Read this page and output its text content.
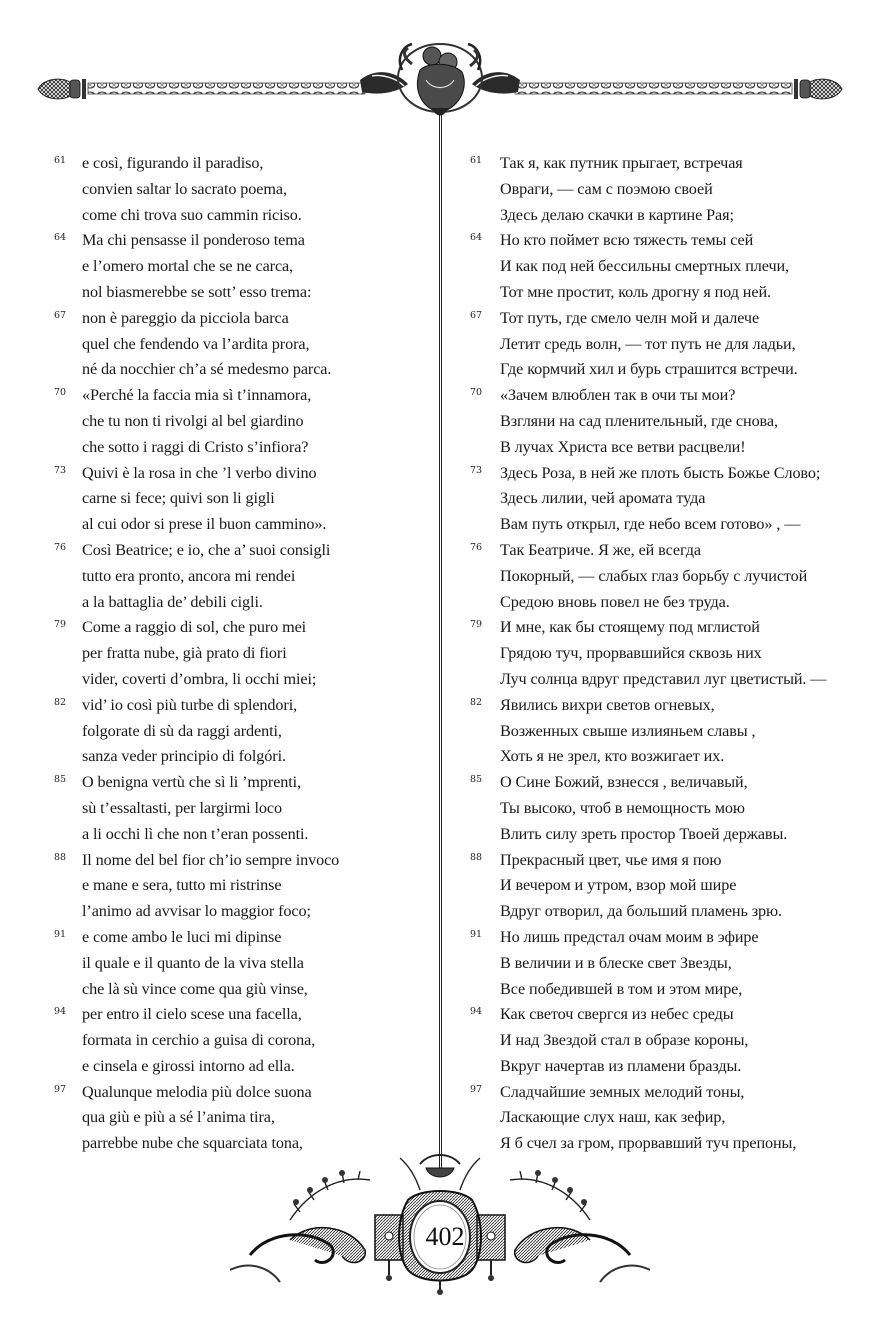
61 e così, figurando il paradiso,
convien saltar lo sacrato poema,
come chi trova suo cammin riciso.
64 Ma chi pensasse il ponderoso tema
e l’omero mortal che se ne carca,
nol biasmerebbe se sott’ esso trema:
67 non è pareggio da picciola barca
quel che fendendo va l’ardita prora,
né da nocchier ch’a sé medesmo parca.
70 «Perché la faccia mia sì t’innamora,
che tu non ti rivolgi al bel giardino
che sotto i raggi di Cristo s’infiora?
73 Quivi è la rosa in che ’l verbo divino
carne si fece; quivi son li gigli
al cui odor si prese il buon cammino».
76 Così Beatrice; e io, che a’ suoi consigli
tutto era pronto, ancora mi rendei
a la battaglia de’ debili cigli.
79 Come a raggio di sol, che puro mei
per fratta nube, già prato di fiori
vider, coverti d’ombra, li occhi miei;
82 vid’ io così più turbe di splendori,
folgorate di sù da raggi ardenti,
sanza veder principio di folgóri.
85 O benigna vertù che sì li ’mprenti,
sù t’essaltasti, per largirmi loco
a li occhi lì che non t’eran possenti.
88 Il nome del bel fior ch’io sempre invoco
e mane e sera, tutto mi ristrinse
l’animo ad avvisar lo maggior foco;
91 e come ambo le luci mi dipinse
il quale e il quanto de la viva stella
che là sù vince come qua giù vinse,
94 per entro il cielo scese una facella,
formata in cerchio a guisa di corona,
e cinsela e girossi intorno ad ella.
97 Qualunque melodia più dolce suona
qua giù e più a sé l’anima tira,
parrebbe nube che squarciata tona,
61 Так я, как путник прыгает, встречая
Овраги, — сам с поэмою своей
Здесь делаю скачки в картине Рая;
64 Но кто поймет всю тяжесть темы сей
И как под ней бессильны смертных плечи,
Тот мне простит, коль дрогну я под ней.
67 Тот путь, где смело челн мой и далече
Летит средь волн, — тот путь не для ладьи,
Где кормчий хил и бурь страшится встречи.
70 «Зачем влюблен так в очи ты мои?
Взгляни на сад пленительный, где снова,
В лучах Христа все ветви расцвели!
73 Здесь Роза, в ней же плоть бысть Божье Слово;
Здесь лилии, чей аромата туда
Вам путь открыл, где небо всем готово» , —
76 Так Беатриче. Я же, ей всегда
Покорный, — слабых глаз борьбу с лучистой
Средою вновь повел не без труда.
79 И мне, как бы стоящему под мглистой
Грядою туч, прорвавшийся сквозь них
Луч солнца вдруг представил луг цветистый. —
82 Явились вихри светов огневых,
Возженных свыше излияньем славы ,
Хоть я не зрел, кто возжигает их.
85 О Сине Божий, взнесся , величавый,
Ты высоко, чтоб в немощность мою
Влить силу зреть простор Твоей державы.
88 Прекрасный цвет, чье имя я пою
И вечером и утром, взор мой шире
Вдруг отворил, да больший пламень зрю.
91 Но лишь предстал очам моим в эфире
В величии и в блеске свет Звезды,
Все победившей в том и этом мире,
94 Как светоч свергся из небес среды
И над Звездой стал в образе короны,
Вкруг начертав из пламени бразды.
97 Сладчайшие земных мелодий тоны,
Ласкающие слух наш, как зефир,
Я б счел за гром, прорвавший туч препоны,
402
